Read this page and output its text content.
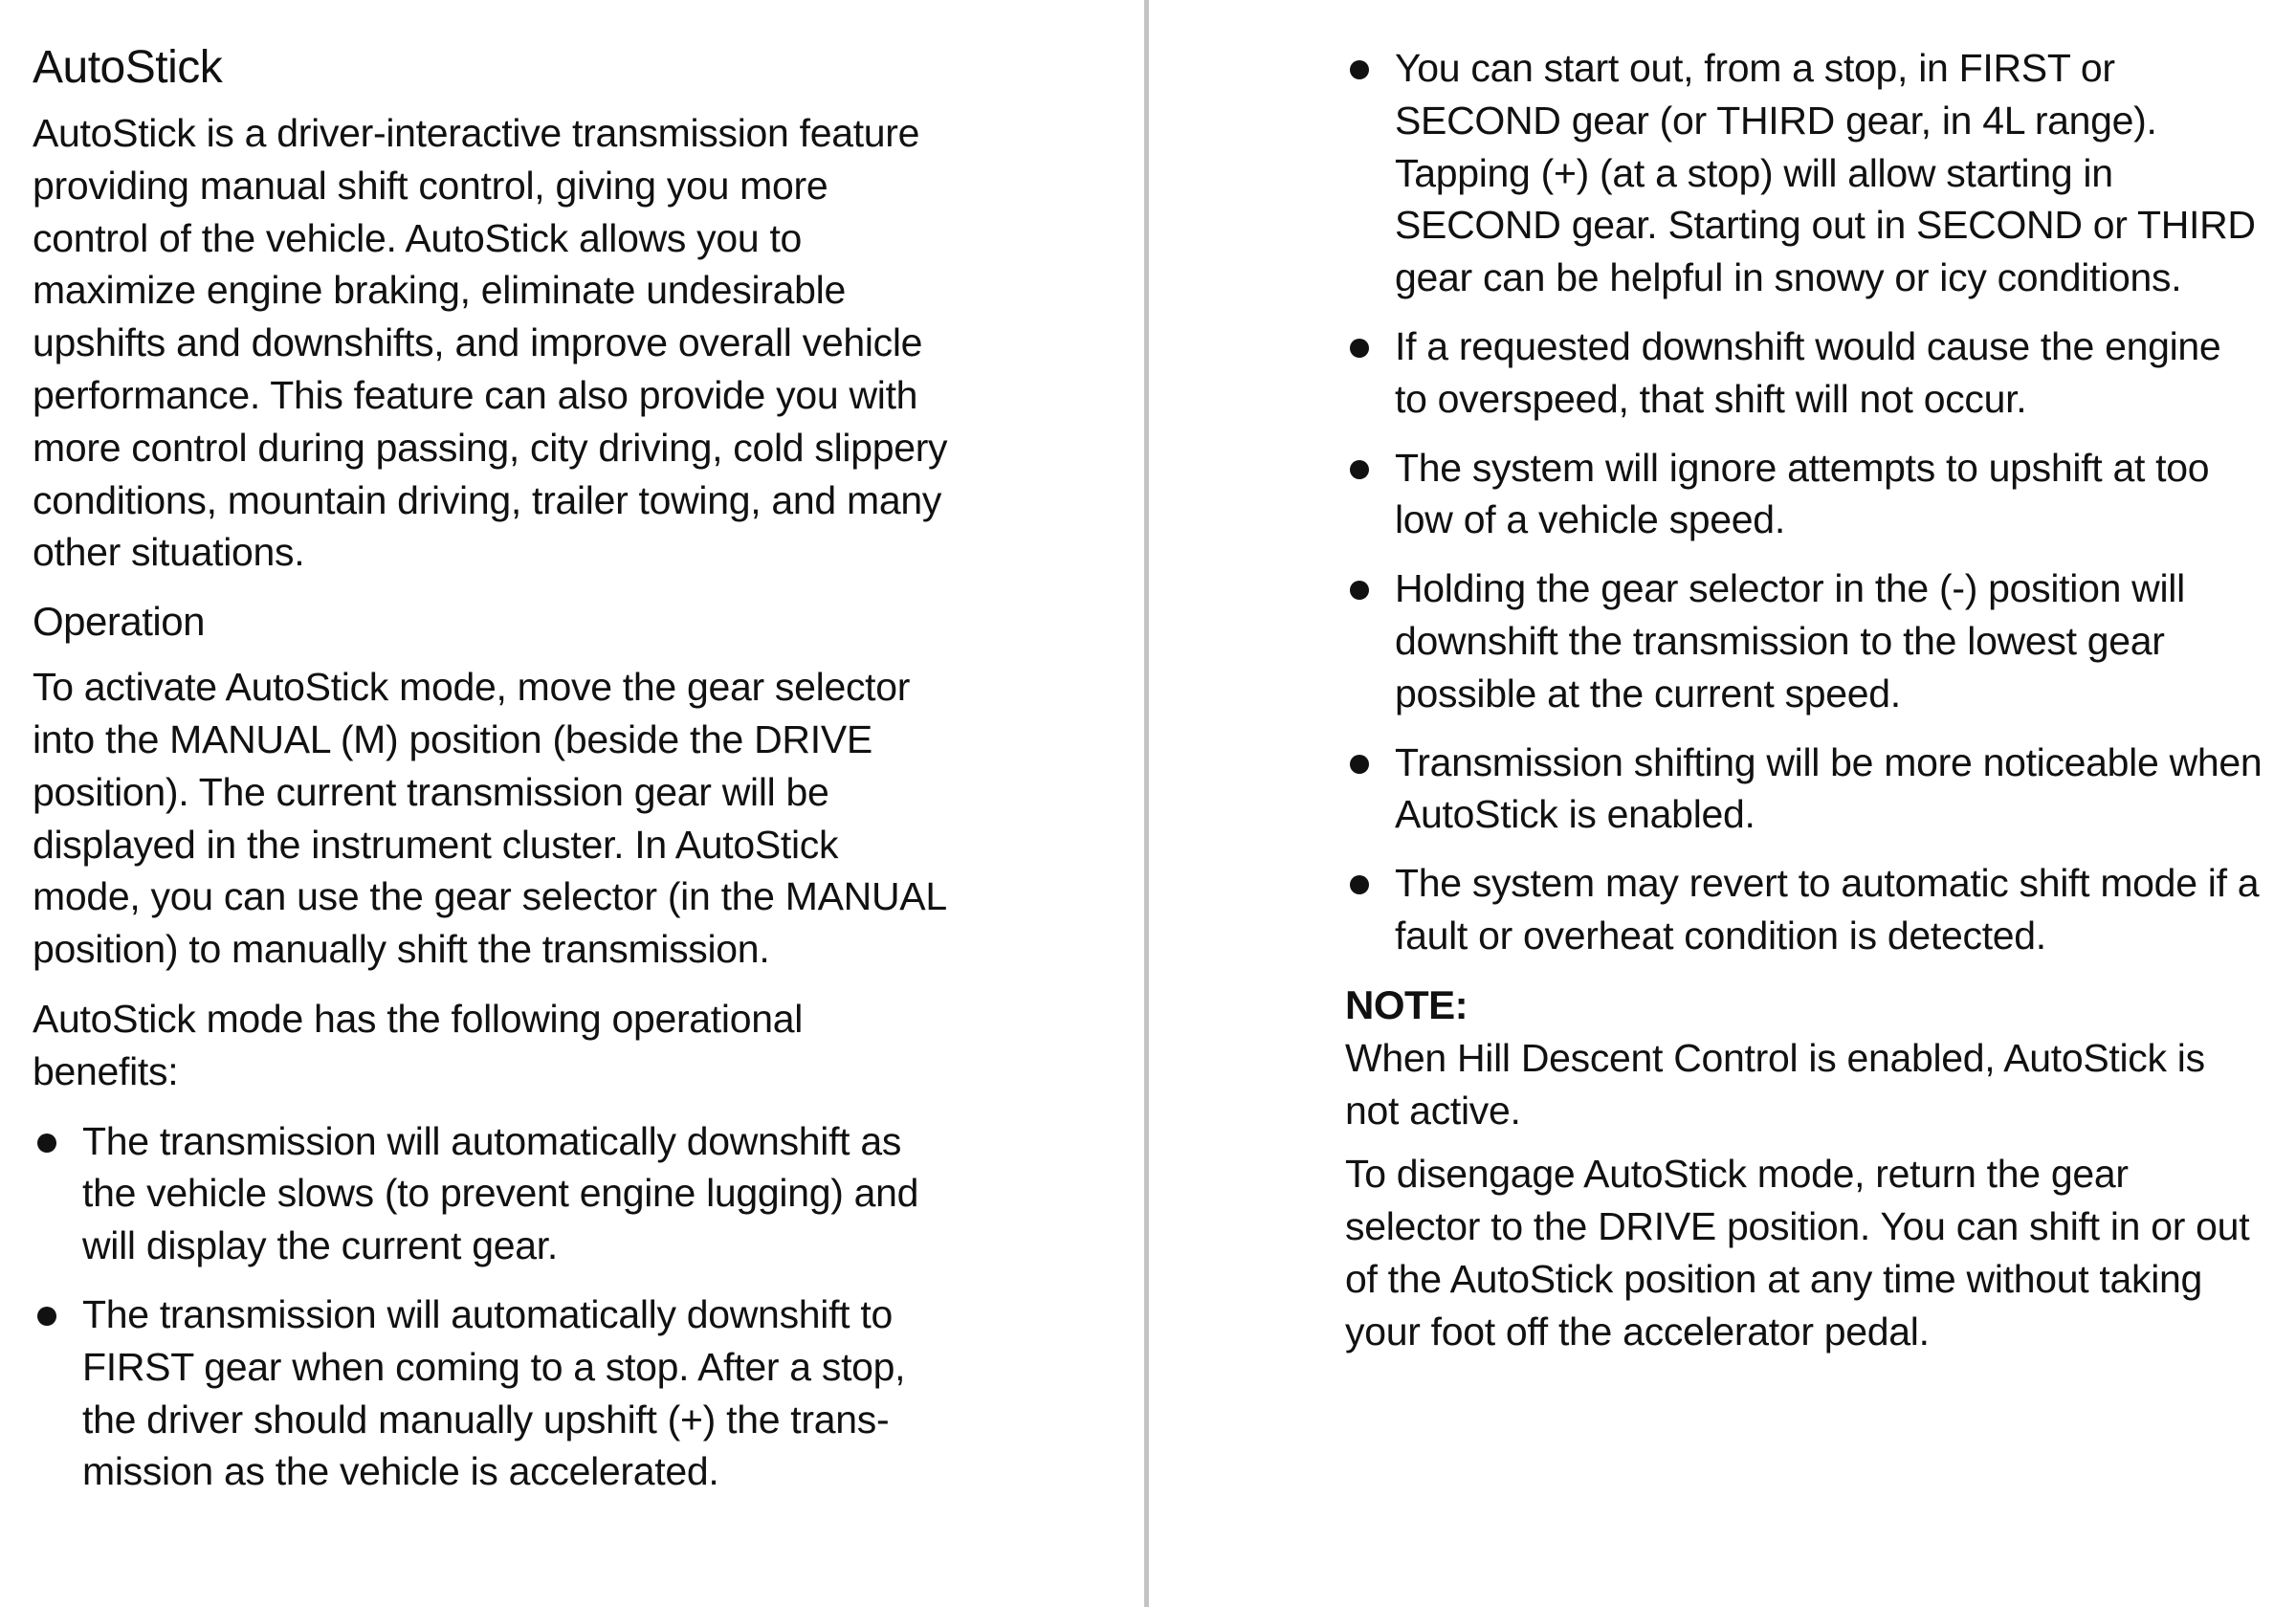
AutoStick

AutoStick is a driver-interactive transmission feature providing manual shift control, giving you more control of the vehicle. AutoStick allows you to maximize engine braking, eliminate undesirable upshifts and downshifts, and improve overall vehicle performance. This feature can also provide you with more control during passing, city driving, cold slippery conditions, mountain driving, trailer towing, and many other situations.

Operation

To activate AutoStick mode, move the gear selector into the MANUAL (M) position (beside the DRIVE position). The current transmission gear will be displayed in the instrument cluster. In AutoStick mode, you can use the gear selector (in the MANUAL position) to manually shift the transmission.

AutoStick mode has the following operational benefits:

The transmission will automatically downshift as the vehicle slows (to prevent engine lugging) and will display the current gear.
The transmission will automatically downshift to FIRST gear when coming to a stop. After a stop, the driver should manually upshift (+) the trans-mission as the vehicle is accelerated.
You can start out, from a stop, in FIRST or SECOND gear (or THIRD gear, in 4L range). Tapping (+) (at a stop) will allow starting in SECOND gear. Starting out in SECOND or THIRD gear can be helpful in snowy or icy conditions.
If a requested downshift would cause the engine to overspeed, that shift will not occur.
The system will ignore attempts to upshift at too low of a vehicle speed.
Holding the gear selector in the (-) position will downshift the transmission to the lowest gear possible at the current speed.
Transmission shifting will be more noticeable when AutoStick is enabled.
The system may revert to automatic shift mode if a fault or overheat condition is detected.
NOTE:

When Hill Descent Control is enabled, AutoStick is not active.

To disengage AutoStick mode, return the gear selector to the DRIVE position. You can shift in or out of the AutoStick position at any time without taking your foot off the accelerator pedal.
